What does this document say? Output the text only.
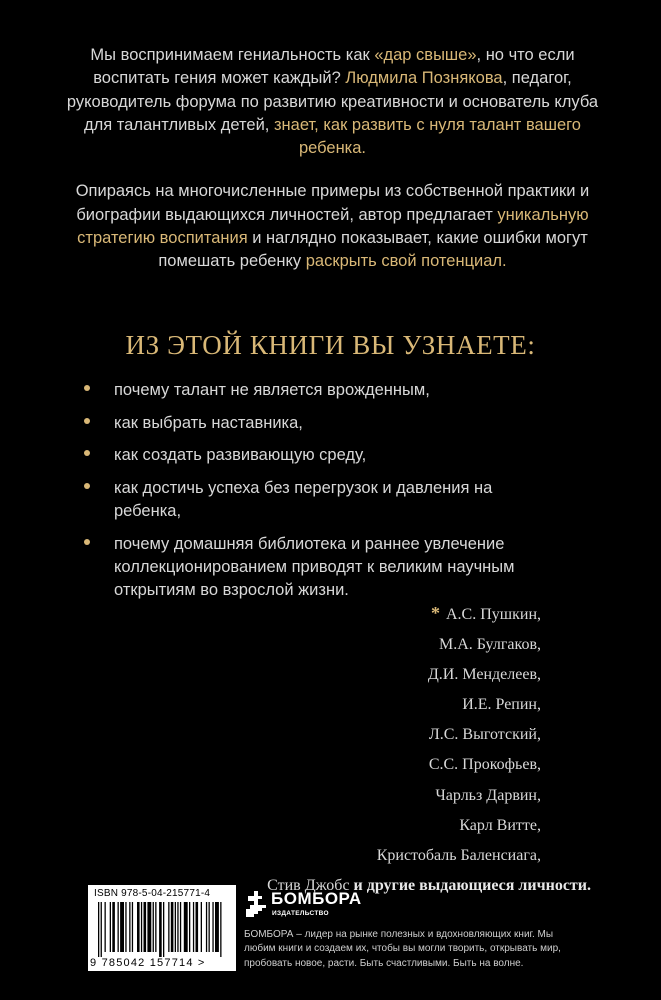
Мы воспринимаем гениальность как «дар свыше», но что если воспитать гения может каждый? Людмила Познякова, педагог, руководитель форума по развитию креативности и основатель клуба для талантливых детей, знает, как развить с нуля талант вашего ребенка.

Опираясь на многочисленные примеры из собственной практики и биографии выдающихся личностей, автор предлагает уникальную стратегию воспитания и наглядно показывает, какие ошибки могут помешать ребенку раскрыть свой потенциал.

ИЗ ЭТОЙ КНИГИ ВЫ УЗНАЕТЕ:
почему талант не является врожденным,
как выбрать наставника,
как создать развивающую среду,
как достичь успеха без перегрузок и давления на ребенка,
почему домашняя библиотека и раннее увлечение коллекционированием приводят к великим научным открытиям во взрослой жизни.
* А.С. Пушкин,
М.А. Булгаков,
Д.И. Менделеев,
И.Е. Репин,
Л.С. Выготский,
С.С. Прокофьев,
Чарльз Дарвин,
Карл Витте,
Кристобаль Баленсиага,
Стив Джобс и другие выдающиеся личности.
ISBN 978-5-04-215771-4
9 785042 157714 >
БОМБОРА
ИЗДАТЕЛЬСТВО
БОМБОРА – лидер на рынке полезных и вдохновляющих книг. Мы любим книги и создаем их, чтобы вы могли творить, открывать мир, пробовать новое, расти. Быть счастливыми. Быть на волне.
